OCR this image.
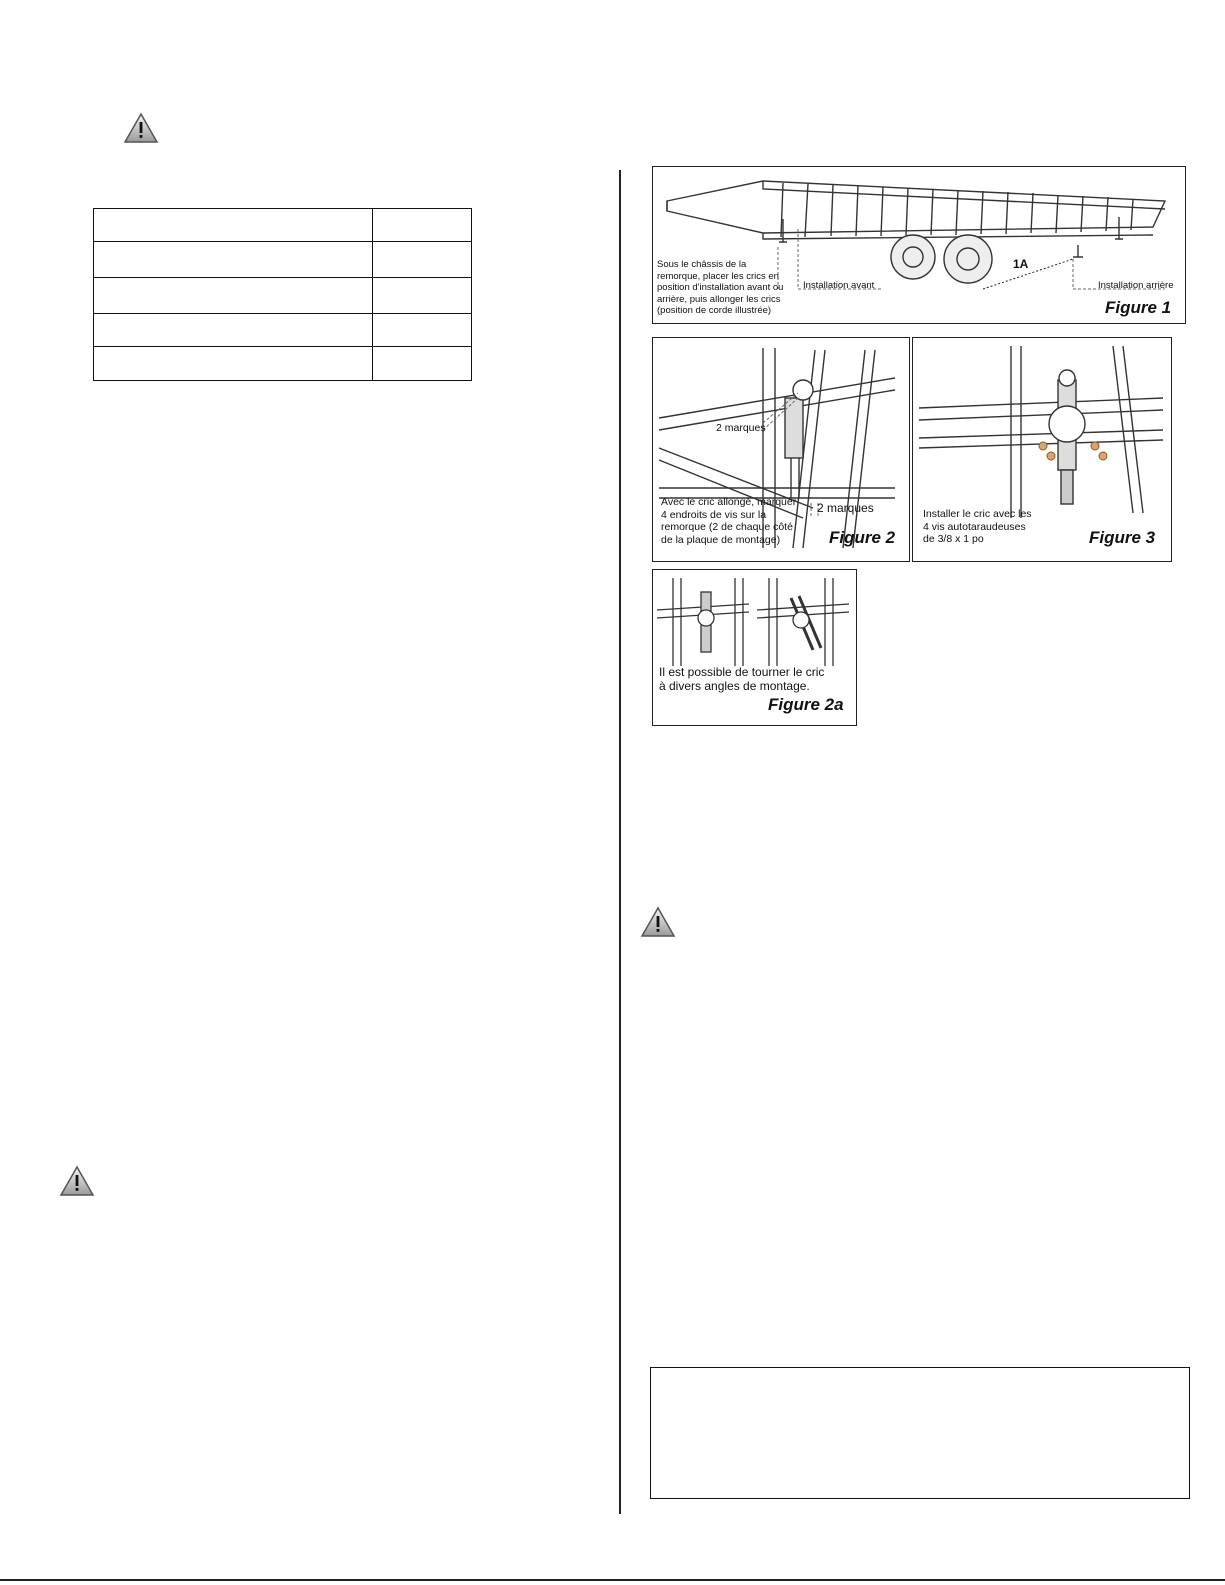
Sous le châssis de la
remorque, placer les crics en
position d'installation avant ou
arrière, puis allonger les crics
(position de corde illustrée)
Installation avant	Installation arrière
1A
Figure 1
2 marques
2 marques
Avec le cric allongé, marquer
4 endroits de vis sur la
remorque (2 de chaque côté
de la plaque de montage)	Figure 2
Installer le cric avec les
4 vis autotaraudeuses
de 3/8 x 1 po	Figure 3
Il est possible de tourner le cric
à divers angles de montage.
Figure 2a
